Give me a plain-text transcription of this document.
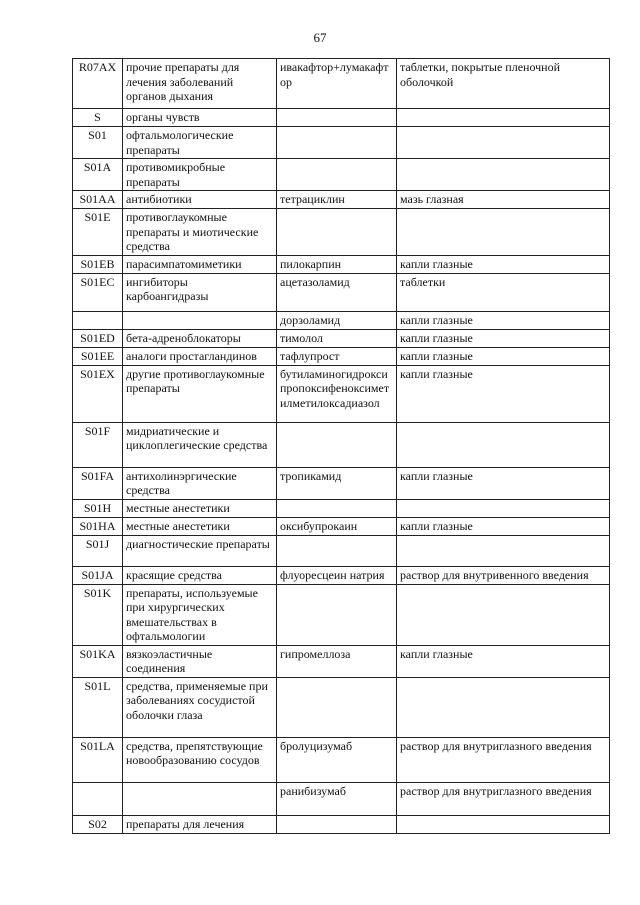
67
R07AX	прочие препараты для лечения заболеваний органов дыхания	ивакафтор+лумакафтор	таблетки, покрытые пленочной оболочкой
S	органы чувств		
S01	офтальмологические препараты		
S01A	противомикробные препараты		
S01AA	антибиотики	тетрациклин	мазь глазная
S01E	противоглаукомные препараты и миотические средства		
S01EB	парасимпатомиметики	пилокарпин	капли глазные
S01EC	ингибиторы карбоангидразы	ацетазоламид	таблетки
		дорзоламид	капли глазные
S01ED	бета-адреноблокаторы	тимолол	капли глазные
S01EE	аналоги простагландинов	тафлупрост	капли глазные
S01EX	другие противоглаукомные препараты	бутиламиногидроксипропоксифеноксиметилметилоксадиазол	капли глазные
S01F	мидриатические и циклоплегические средства		
S01FA	антихолинэргические средства	тропикамид	капли глазные
S01H	местные анестетики		
S01HA	местные анестетики	оксибупрокаин	капли глазные
S01J	диагностические препараты		
S01JA	красящие средства	флуоресцеин натрия	раствор для внутривенного введения
S01K	препараты, используемые при хирургических вмешательствах в офтальмологии		
S01KA	вязкоэластичные соединения	гипромеллоза	капли глазные
S01L	средства, применяемые при заболеваниях сосудистой оболочки глаза		
S01LA	средства, препятствующие новообразованию сосудов	бролуцизумаб	раствор для внутриглазного введения
		ранибизумаб	раствор для внутриглазного введения
S02	препараты для лечения		
